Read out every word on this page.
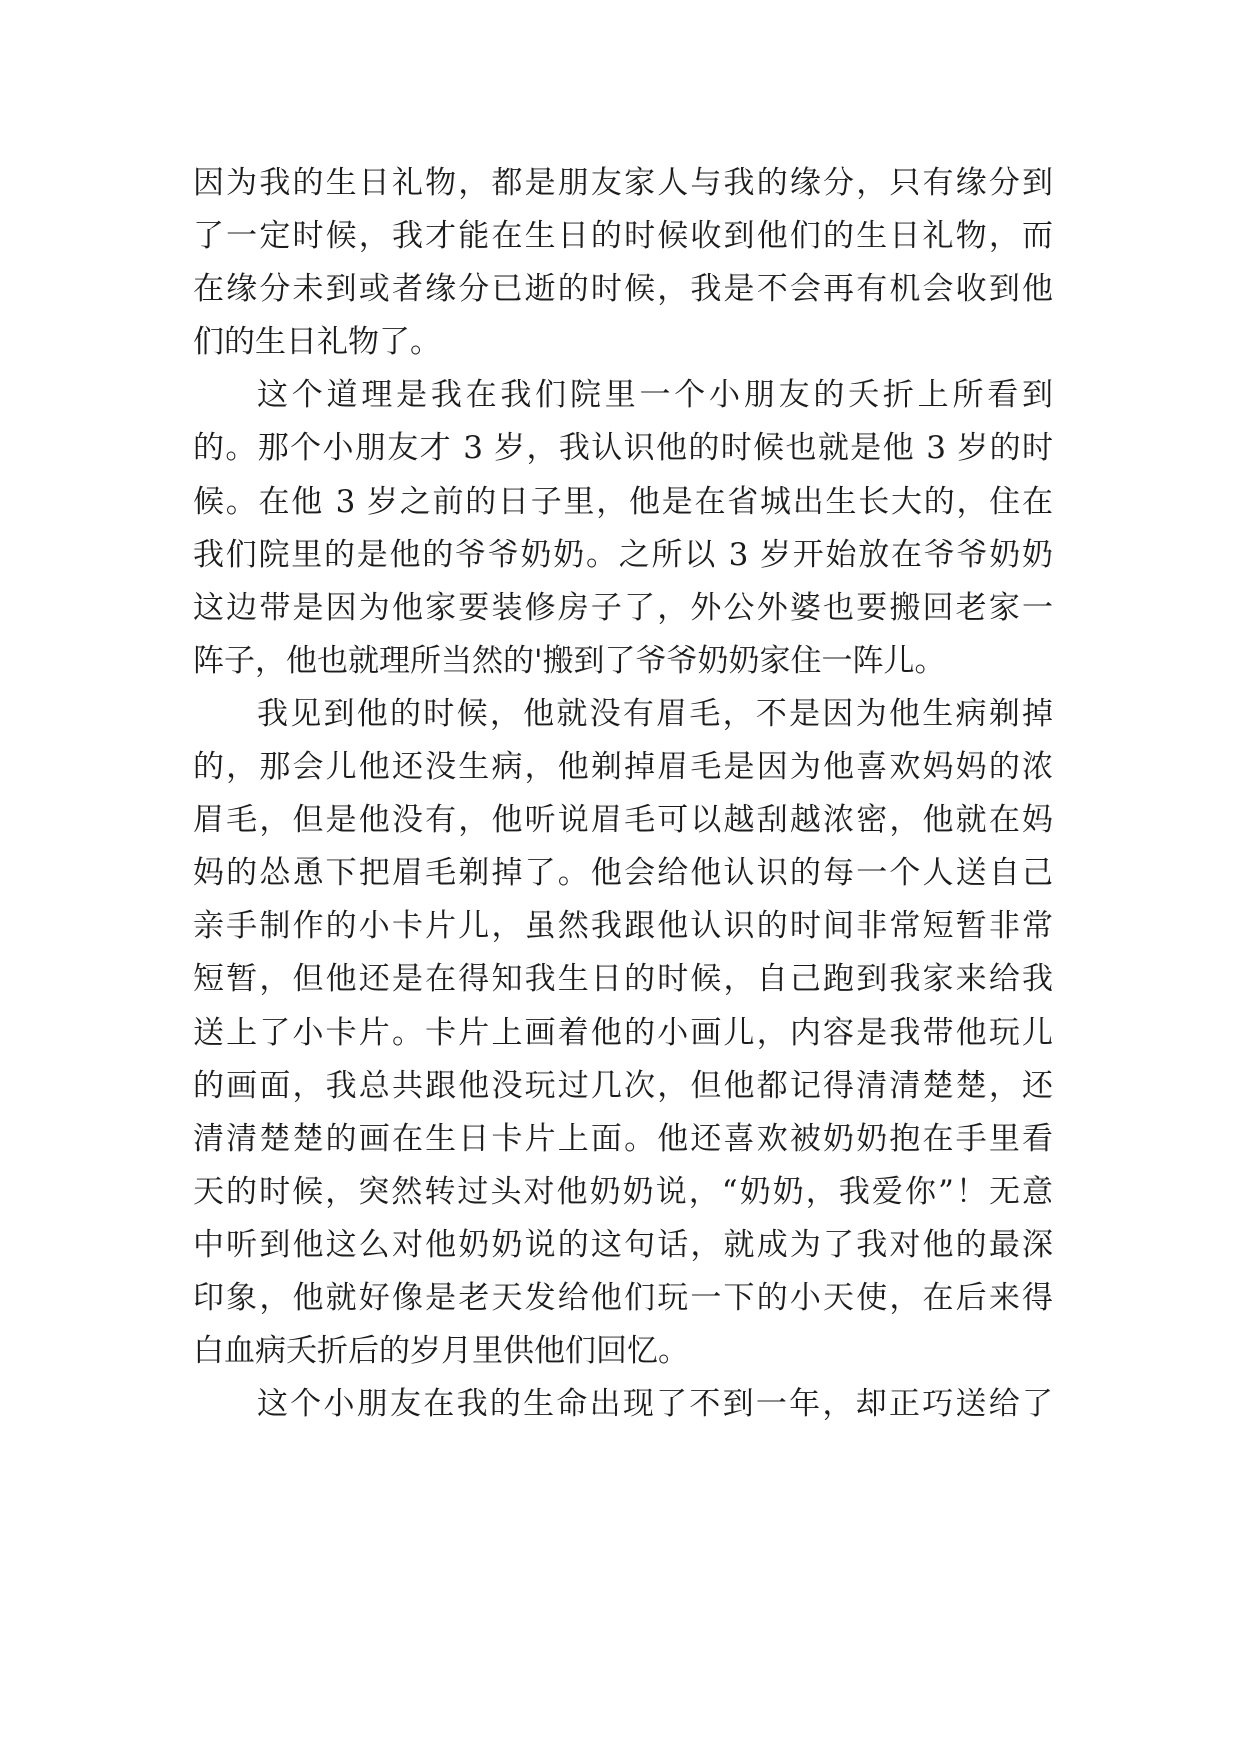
因为我的生日礼物，都是朋友家人与我的缘分，只有缘分到
了一定时候，我才能在生日的时候收到他们的生日礼物，而
在缘分未到或者缘分已逝的时候，我是不会再有机会收到他
们的生日礼物了。
这个道理是我在我们院里一个小朋友的夭折上所看到
的。那个小朋友才 3 岁，我认识他的时候也就是他 3 岁的时
候。在他 3 岁之前的日子里，他是在省城出生长大的，住在
我们院里的是他的爷爷奶奶。之所以 3 岁开始放在爷爷奶奶
这边带是因为他家要装修房子了，外公外婆也要搬回老家一
阵子，他也就理所当然的'搬到了爷爷奶奶家住一阵儿。
我见到他的时候，他就没有眉毛，不是因为他生病剃掉
的，那会儿他还没生病，他剃掉眉毛是因为他喜欢妈妈的浓
眉毛，但是他没有，他听说眉毛可以越刮越浓密，他就在妈
妈的怂恿下把眉毛剃掉了。他会给他认识的每一个人送自己
亲手制作的小卡片儿，虽然我跟他认识的时间非常短暂非常
短暂，但他还是在得知我生日的时候，自己跑到我家来给我
送上了小卡片。卡片上画着他的小画儿，内容是我带他玩儿
的画面，我总共跟他没玩过几次，但他都记得清清楚楚，还
清清楚楚的画在生日卡片上面。他还喜欢被奶奶抱在手里看
天的时候，突然转过头对他奶奶说，“奶奶，我爱你”！无意
中听到他这么对他奶奶说的这句话，就成为了我对他的最深
印象，他就好像是老天发给他们玩一下的小天使，在后来得
白血病夭折后的岁月里供他们回忆。
这个小朋友在我的生命出现了不到一年，却正巧送给了
